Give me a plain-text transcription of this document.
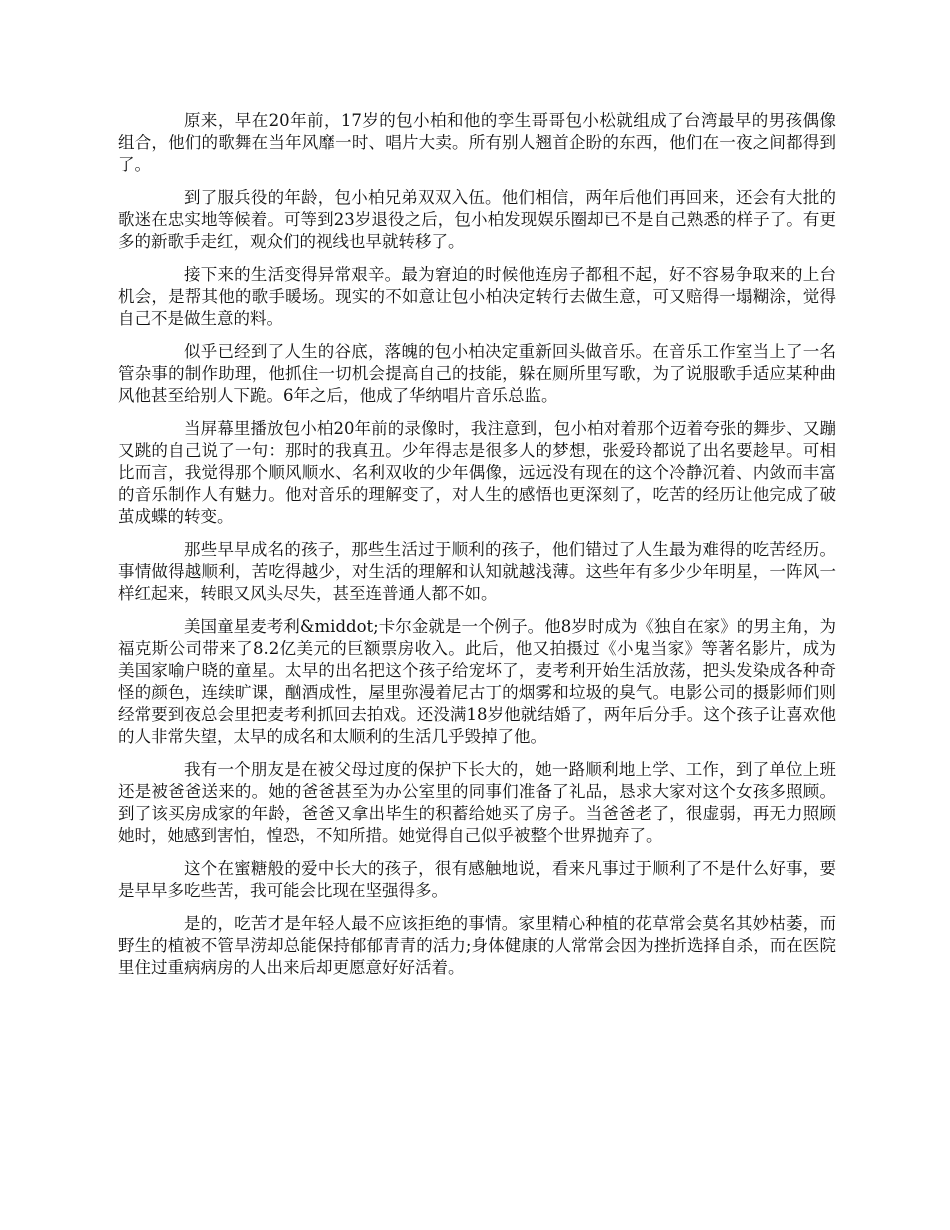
原来，早在20年前，17岁的包小柏和他的孪生哥哥包小松就组成了台湾最早的男孩偶像组合，他们的歌舞在当年风靡一时、唱片大卖。所有别人翘首企盼的东西，他们在一夜之间都得到了。

到了服兵役的年龄，包小柏兄弟双双入伍。他们相信，两年后他们再回来，还会有大批的歌迷在忠实地等候着。可等到23岁退役之后，包小柏发现娱乐圈却已不是自己熟悉的样子了。有更多的新歌手走红，观众们的视线也早就转移了。

接下来的生活变得异常艰辛。最为窘迫的时候他连房子都租不起，好不容易争取来的上台机会，是帮其他的歌手暖场。现实的不如意让包小柏决定转行去做生意，可又赔得一塌糊涂，觉得自己不是做生意的料。

似乎已经到了人生的谷底，落魄的包小柏决定重新回头做音乐。在音乐工作室当上了一名管杂事的制作助理，他抓住一切机会提高自己的技能，躲在厕所里写歌，为了说服歌手适应某种曲风他甚至给别人下跪。6年之后，他成了华纳唱片音乐总监。

当屏幕里播放包小柏20年前的录像时，我注意到，包小柏对着那个迈着夸张的舞步、又蹦又跳的自己说了一句：那时的我真丑。少年得志是很多人的梦想，张爱玲都说了出名要趁早。可相比而言，我觉得那个顺风顺水、名利双收的少年偶像，远远没有现在的这个冷静沉着、内敛而丰富的音乐制作人有魅力。他对音乐的理解变了，对人生的感悟也更深刻了，吃苦的经历让他完成了破茧成蝶的转变。

那些早早成名的孩子，那些生活过于顺利的孩子，他们错过了人生最为难得的吃苦经历。事情做得越顺利，苦吃得越少，对生活的理解和认知就越浅薄。这些年有多少少年明星，一阵风一样红起来，转眼又风头尽失，甚至连普通人都不如。

美国童星麦考利&middot;卡尔金就是一个例子。他8岁时成为《独自在家》的男主角，为福克斯公司带来了8.2亿美元的巨额票房收入。此后，他又拍摄过《小鬼当家》等著名影片，成为美国家喻户晓的童星。太早的出名把这个孩子给宠坏了，麦考利开始生活放荡，把头发染成各种奇怪的颜色，连续旷课，酗酒成性，屋里弥漫着尼古丁的烟雾和垃圾的臭气。电影公司的摄影师们则经常要到夜总会里把麦考利抓回去拍戏。还没满18岁他就结婚了，两年后分手。这个孩子让喜欢他的人非常失望，太早的成名和太顺利的生活几乎毁掉了他。

我有一个朋友是在被父母过度的保护下长大的，她一路顺利地上学、工作，到了单位上班还是被爸爸送来的。她的爸爸甚至为办公室里的同事们准备了礼品，恳求大家对这个女孩多照顾。到了该买房成家的年龄，爸爸又拿出毕生的积蓄给她买了房子。当爸爸老了，很虚弱，再无力照顾她时，她感到害怕，惶恐，不知所措。她觉得自己似乎被整个世界抛弃了。

这个在蜜糖般的爱中长大的孩子，很有感触地说，看来凡事过于顺利了不是什么好事，要是早早多吃些苦，我可能会比现在坚强得多。

是的，吃苦才是年轻人最不应该拒绝的事情。家里精心种植的花草常会莫名其妙枯萎，而野生的植被不管旱涝却总能保持郁郁青青的活力;身体健康的人常常会因为挫折选择自杀，而在医院里住过重病病房的人出来后却更愿意好好活着。
